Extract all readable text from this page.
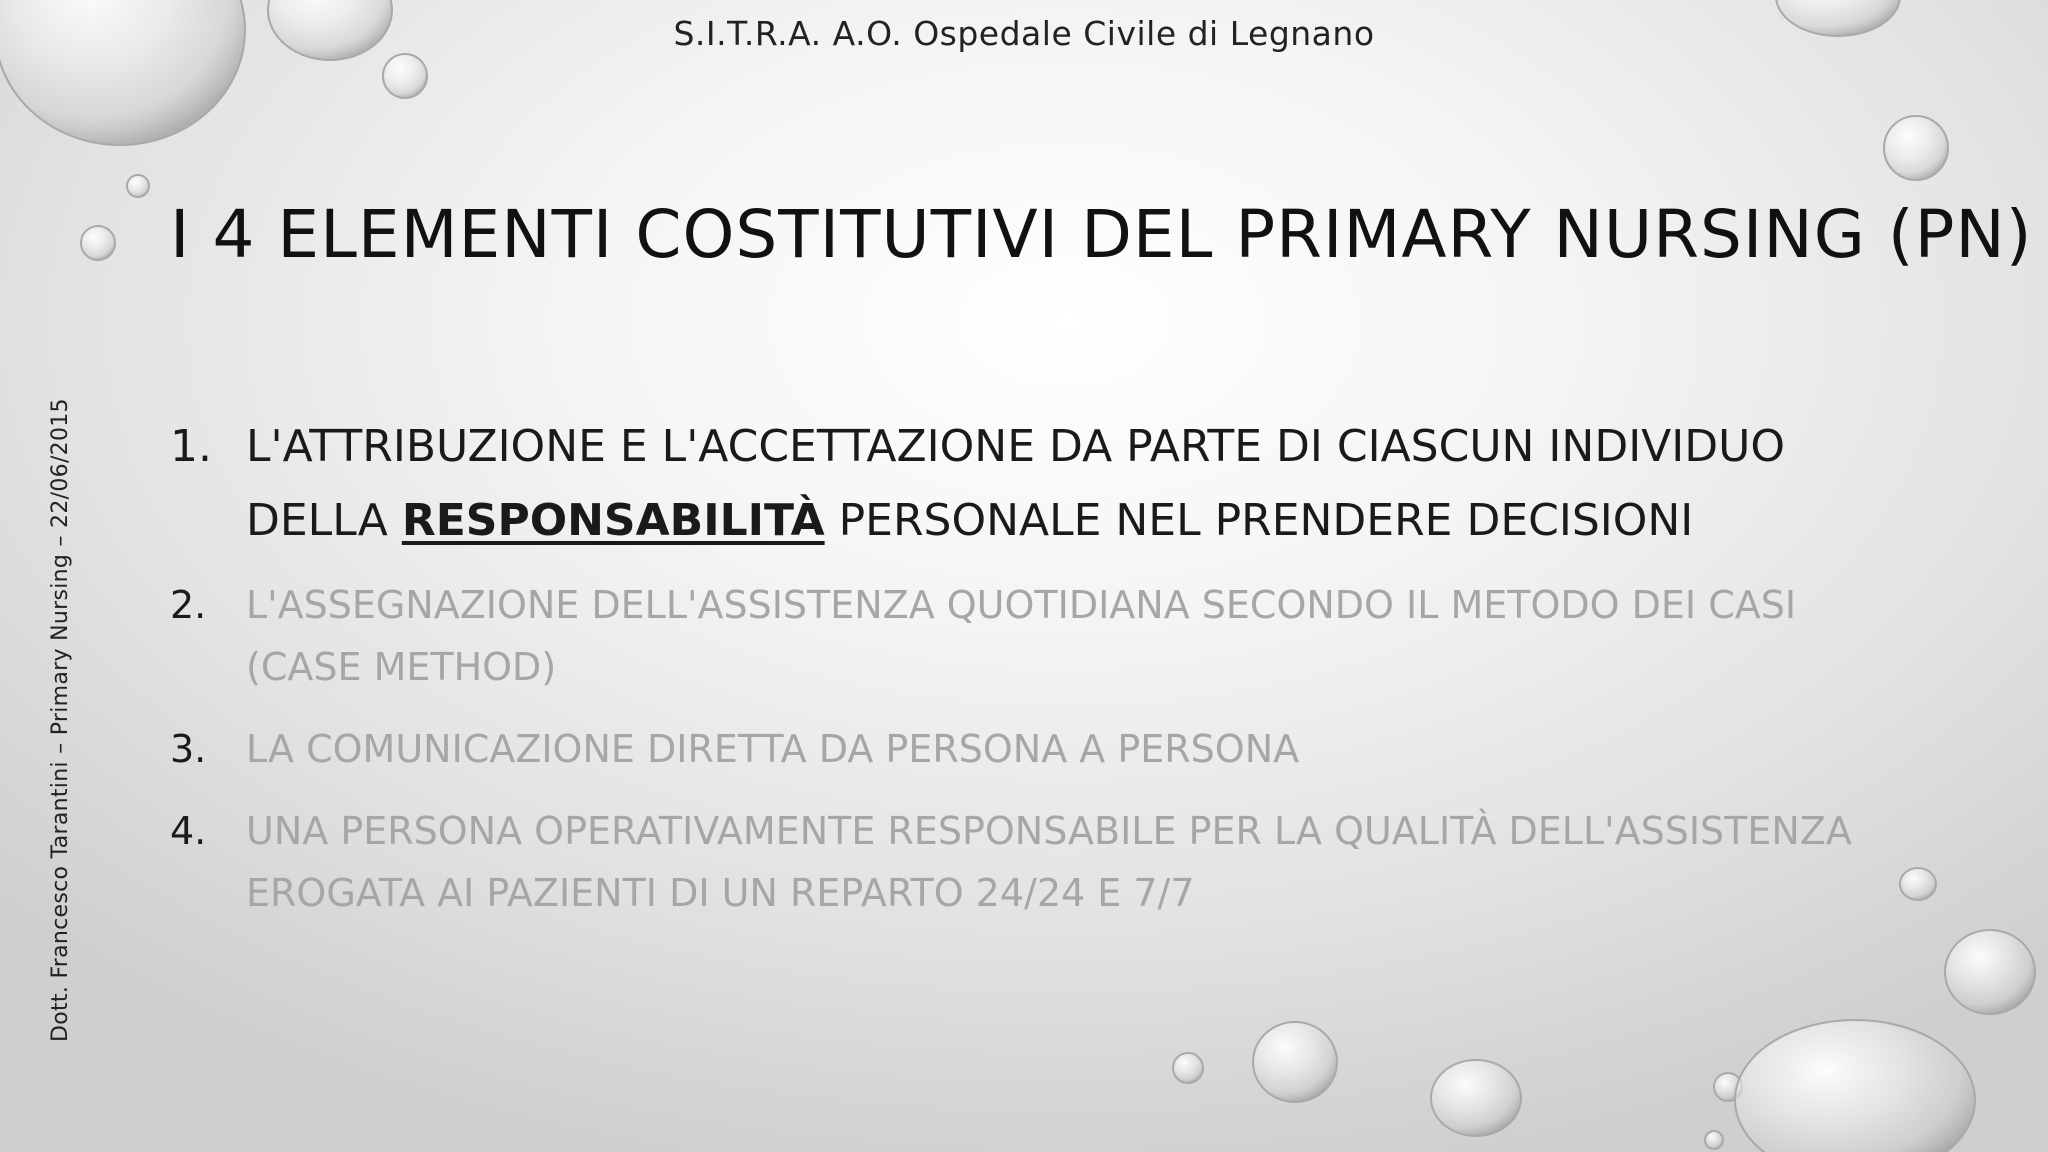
S.I.T.R.A. A.O. Ospedale Civile di Legnano
I 4 ELEMENTI COSTITUTIVI DEL PRIMARY NURSING (PN)
Dott. Francesco Tarantini – Primary Nursing – 22/06/2015 1. L'ATTRIBUZIONE E L'ACCETTAZIONE DA PARTE DI CIASCUN INDIVIDUO DELLA RESPONSABILITÀ PERSONALE NEL PRENDERE DECISIONI
2.	L'ASSEGNAZIONE DELL'ASSISTENZA QUOTIDIANA SECONDO IL METODO DEI CASI (CASE METHOD)
3.	LA COMUNICAZIONE DIRETTA DA PERSONA A PERSONA
4.	UNA PERSONA OPERATIVAMENTE RESPONSABILE PER LA QUALITÀ DELL'ASSISTENZA EROGATA AI PAZIENTI DI UN REPARTO 24/24 E 7/7
